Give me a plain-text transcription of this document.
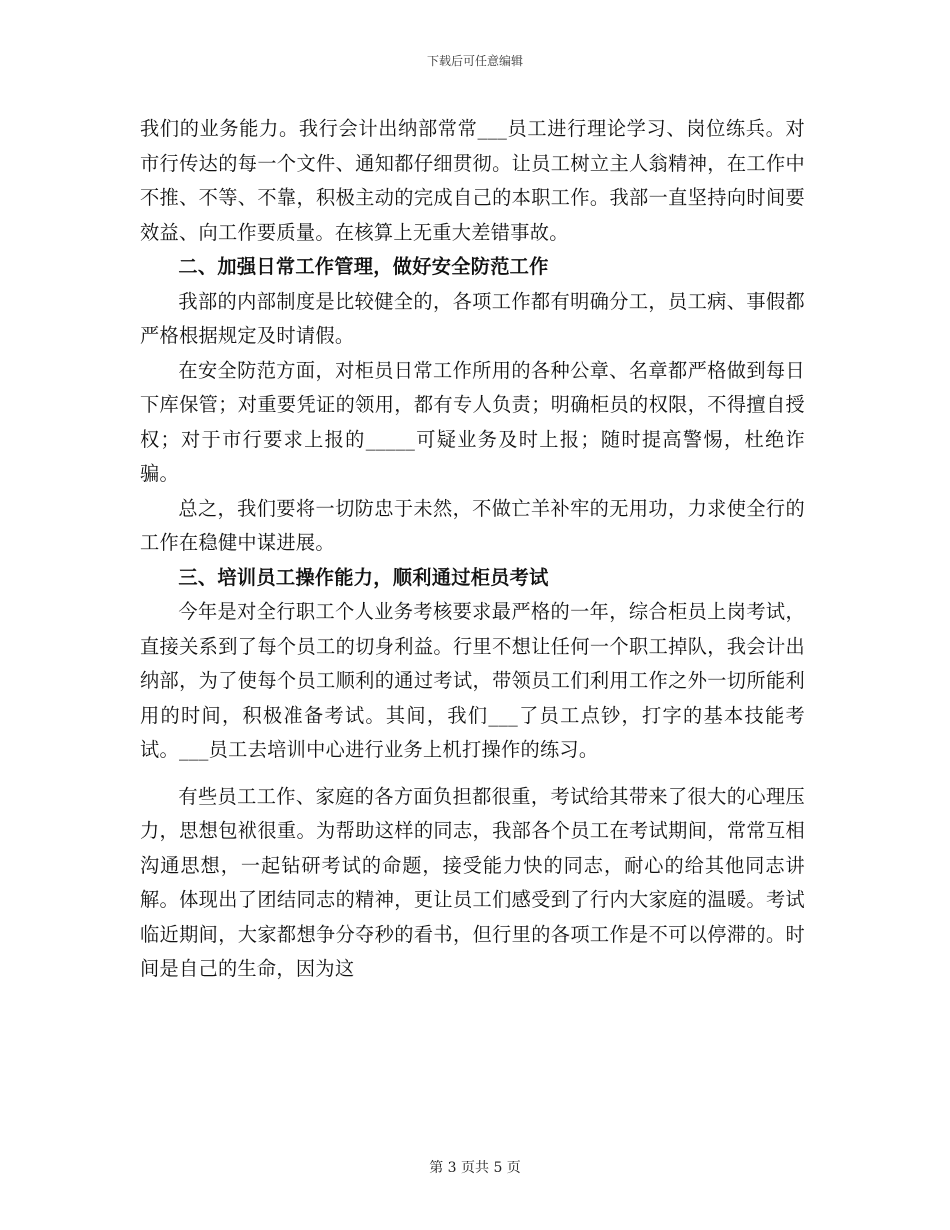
下载后可任意编辑

我们的业务能力。我行会计出纳部常常___员工进行理论学习、岗位练兵。对市行传达的每一个文件、通知都仔细贯彻。让员工树立主人翁精神，在工作中不推、不等、不靠，积极主动的完成自己的本职工作。我部一直坚持向时间要效益、向工作要质量。在核算上无重大差错事故。

二、加强日常工作管理，做好安全防范工作

我部的内部制度是比较健全的，各项工作都有明确分工，员工病、事假都严格根据规定及时请假。

在安全防范方面，对柜员日常工作所用的各种公章、名章都严格做到每日下库保管；对重要凭证的领用，都有专人负责；明确柜员的权限，不得擅自授权；对于市行要求上报的_____可疑业务及时上报；随时提高警惕，杜绝诈骗。

总之，我们要将一切防忠于未然，不做亡羊补牢的无用功，力求使全行的工作在稳健中谋进展。

三、培训员工操作能力，顺利通过柜员考试

今年是对全行职工个人业务考核要求最严格的一年，综合柜员上岗考试，直接关系到了每个员工的切身利益。行里不想让任何一个职工掉队，我会计出纳部，为了使每个员工顺利的通过考试，带领员工们利用工作之外一切所能利用的时间，积极准备考试。其间，我们___了员工点钞，打字的基本技能考试。___员工去培训中心进行业务上机打操作的练习。

有些员工工作、家庭的各方面负担都很重，考试给其带来了很大的心理压力，思想包袱很重。为帮助这样的同志，我部各个员工在考试期间，常常互相沟通思想，一起钻研考试的命题，接受能力快的同志，耐心的给其他同志讲解。体现出了团结同志的精神，更让员工们感受到了行内大家庭的温暖。考试临近期间，大家都想争分夺秒的看书，但行里的各项工作是不可以停滞的。时间是自己的生命，因为这

第 3 页共 5 页
